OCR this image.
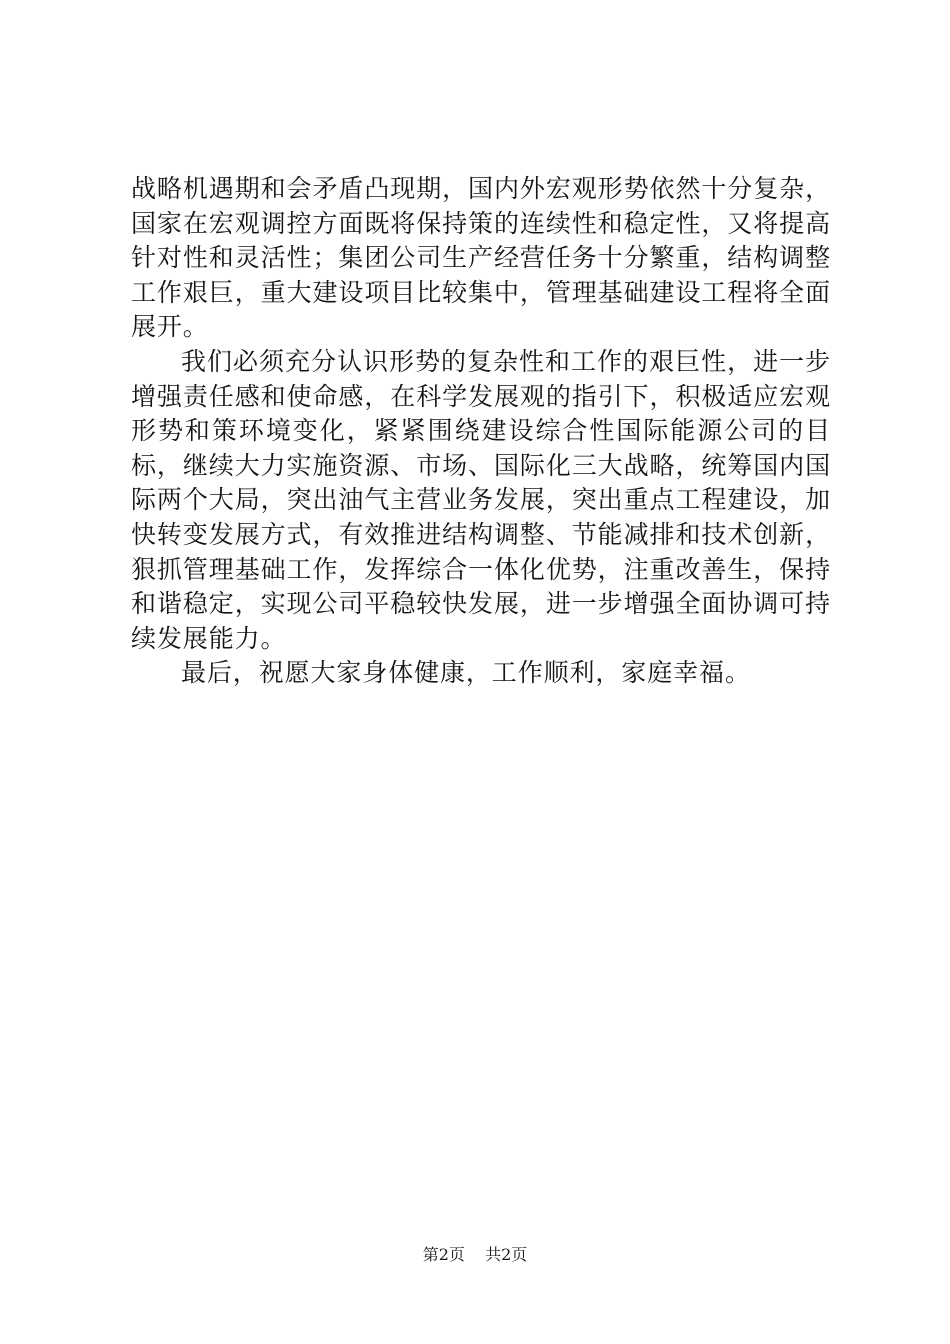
战略机遇期和会矛盾凸现期，国内外宏观形势依然十分复杂，国家在宏观调控方面既将保持策的连续性和稳定性，又将提高针对性和灵活性；集团公司生产经营任务十分繁重，结构调整工作艰巨，重大建设项目比较集中，管理基础建设工程将全面展开。

我们必须充分认识形势的复杂性和工作的艰巨性，进一步增强责任感和使命感，在科学发展观的指引下，积极适应宏观形势和策环境变化，紧紧围绕建设综合性国际能源公司的目标，继续大力实施资源、市场、国际化三大战略，统筹国内国际两个大局，突出油气主营业务发展，突出重点工程建设，加快转变发展方式，有效推进结构调整、节能减排和技术创新，狠抓管理基础工作，发挥综合一体化优势，注重改善生，保持和谐稳定，实现公司平稳较快发展，进一步增强全面协调可持续发展能力。

最后，祝愿大家身体健康，工作顺利，家庭幸福。

第2页 共2页
